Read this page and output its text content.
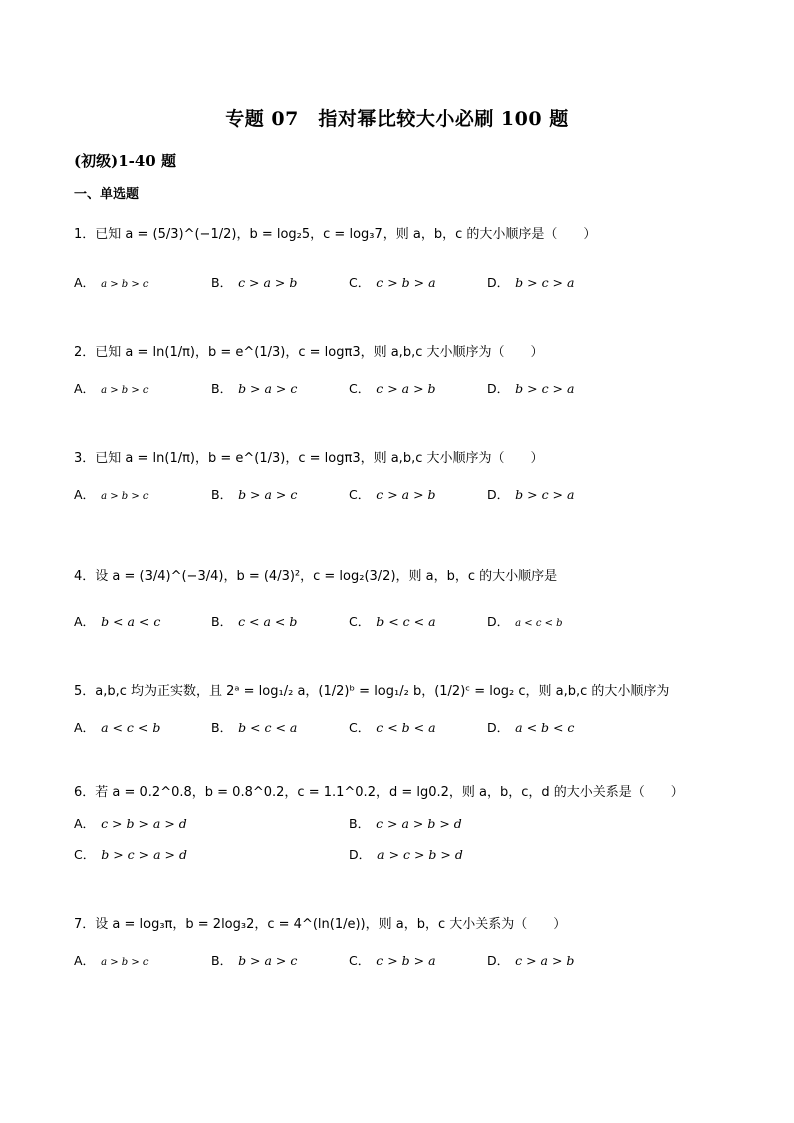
专题 07　指对幂比较大小必刷 100 题
(初级)1-40 题
一、单选题
1．已知 a = (5/3)^(−1/2)，b = log₂5，c = log₃7，则 a，b，c 的大小顺序是（　　）
A． a > b > c	B． c > a > b	C． c > b > a	D． b > c > a
2．已知 a = ln(1/π)，b = e^(1/3)，c = logπ3，则 a,b,c 大小顺序为（　　）
A． a > b > c	B． b > a > c	C． c > a > b	D． b > c > a
3．已知 a = ln(1/π)，b = e^(1/3)，c = logπ3，则 a,b,c 大小顺序为（　　）
A． a > b > c	B． b > a > c	C． c > a > b	D． b > c > a
4．设 a = (3/4)^(−3/4)，b = (4/3)²，c = log₂(3/2)，则 a，b，c 的大小顺序是
A． b < a < c	B． c < a < b	C． b < c < a	D． a < c < b
5．a,b,c 均为正实数，且 2ᵃ = log₁/₂ a，(1/2)ᵇ = log₁/₂ b，(1/2)ᶜ = log₂ c，则 a,b,c 的大小顺序为
A． a < c < b	B． b < c < a	C． c < b < a	D． a < b < c
6．若 a = 0.2^0.8，b = 0.8^0.2，c = 1.1^0.2，d = lg0.2，则 a，b，c，d 的大小关系是（　　）
A． c > b > a > d	B． c > a > b > d
C． b > c > a > d	D． a > c > b > d
7．设 a = log₃π，b = 2log₃2，c = 4^(ln(1/e))，则 a，b，c 大小关系为（　　）
A． a > b > c	B． b > a > c	C． c > b > a	D． c > a > b
